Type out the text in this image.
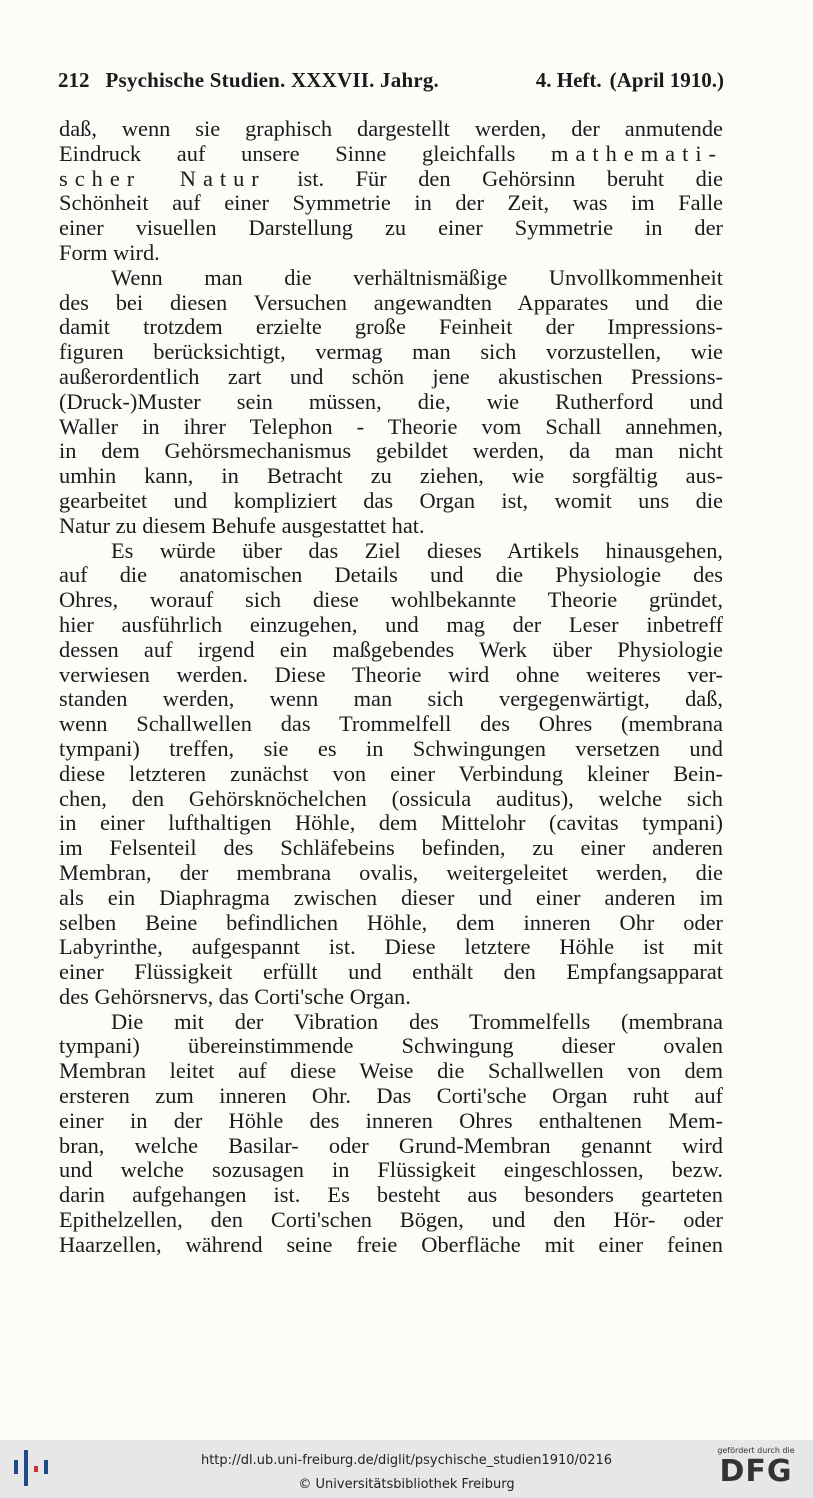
212 Psychische Studien. XXXVII. Jahrg.	4. Heft. (April 1910.)
daß, wenn sie graphisch dargestellt werden, der anmutende
Eindruck auf unsere Sinne gleichfalls mathemati-
scher Natur ist. Für den Gehörsinn beruht die
Schönheit auf einer Symmetrie in der Zeit, was im Falle
einer visuellen Darstellung zu einer Symmetrie in der
Form wird.
Wenn man die verhältnismäßige Unvollkommenheit
des bei diesen Versuchen angewandten Apparates und die
damit trotzdem erzielte große Feinheit der Impressions-
figuren berücksichtigt, vermag man sich vorzustellen, wie
außerordentlich zart und schön jene akustischen Pressions-
(Druck-)Muster sein müssen, die, wie Rutherford und
Waller in ihrer Telephon - Theorie vom Schall annehmen,
in dem Gehörsmechanismus gebildet werden, da man nicht
umhin kann, in Betracht zu ziehen, wie sorgfältig aus-
gearbeitet und kompliziert das Organ ist, womit uns die
Natur zu diesem Behufe ausgestattet hat.
Es würde über das Ziel dieses Artikels hinausgehen,
auf die anatomischen Details und die Physiologie des
Ohres, worauf sich diese wohlbekannte Theorie gründet,
hier ausführlich einzugehen, und mag der Leser inbetreff
dessen auf irgend ein maßgebendes Werk über Physiologie
verwiesen werden. Diese Theorie wird ohne weiteres ver-
standen werden, wenn man sich vergegenwärtigt, daß,
wenn Schallwellen das Trommelfell des Ohres (membrana
tympani) treffen, sie es in Schwingungen versetzen und
diese letzteren zunächst von einer Verbindung kleiner Bein-
chen, den Gehörsknöchelchen (ossicula auditus), welche sich
in einer lufthaltigen Höhle, dem Mittelohr (cavitas tympani)
im Felsenteil des Schläfebeins befinden, zu einer anderen
Membran, der membrana ovalis, weitergeleitet werden, die
als ein Diaphragma zwischen dieser und einer anderen im
selben Beine befindlichen Höhle, dem inneren Ohr oder
Labyrinthe, aufgespannt ist. Diese letztere Höhle ist mit
einer Flüssigkeit erfüllt und enthält den Empfangsapparat
des Gehörsnervs, das Corti'sche Organ.
Die mit der Vibration des Trommelfells (membrana
tympani) übereinstimmende Schwingung dieser ovalen
Membran leitet auf diese Weise die Schallwellen von dem
ersteren zum inneren Ohr. Das Corti'sche Organ ruht auf
einer in der Höhle des inneren Ohres enthaltenen Mem-
bran, welche Basilar- oder Grund-Membran genannt wird
und welche sozusagen in Flüssigkeit eingeschlossen, bezw.
darin aufgehangen ist. Es besteht aus besonders gearteten
Epithelzellen, den Corti'schen Bögen, und den Hör- oder
Haarzellen, während seine freie Oberfläche mit einer feinen
http://dl.ub.uni-freiburg.de/diglit/psychische_studien1910/0216
© Universitätsbibliothek Freiburg
gefördert durch die
DFG
